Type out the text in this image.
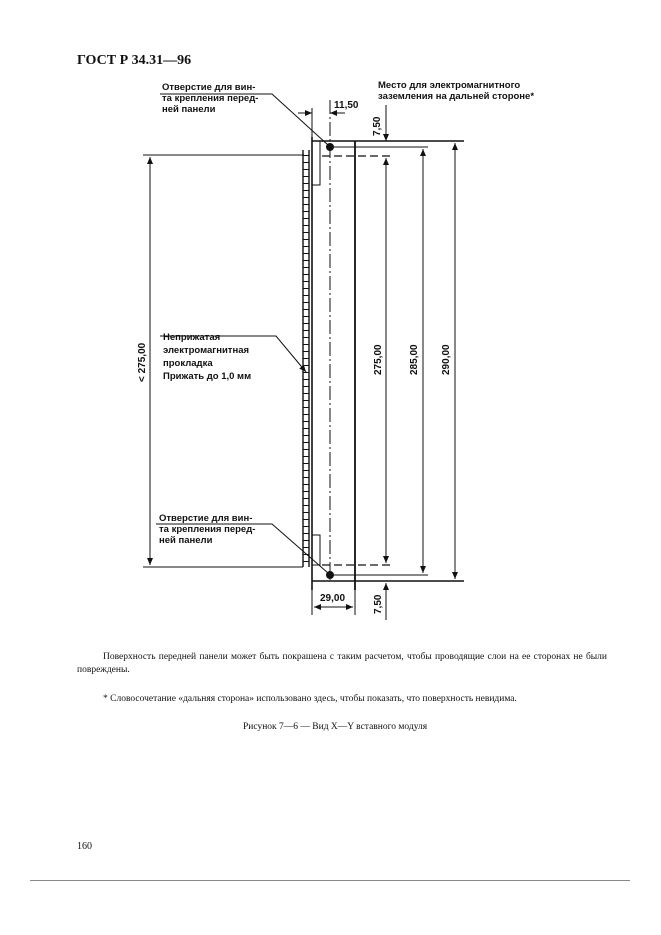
ГОСТ Р 34.31—96
Отверстие для вин-
та крепления перед-
ней панели
Место для электромагнитного
заземления на дальней стороне*
Неприжатая
электромагнитная
прокладка
Прижать до 1,0 мм
Отверстие для вин-
та крепления перед-
ней панели
11,50
7,50
< 275,00	275,00	285,00 290,00
29,00	7,50
Поверхность передней панели может быть покрашена с таким расчетом, чтобы проводящие слои на ее сторонах не были повреждены.
* Словосочетание «дальняя сторона» использовано здесь, чтобы показать, что поверхность невидима.
Рисунок 7—6 — Вид X—Y вставного модуля
160
